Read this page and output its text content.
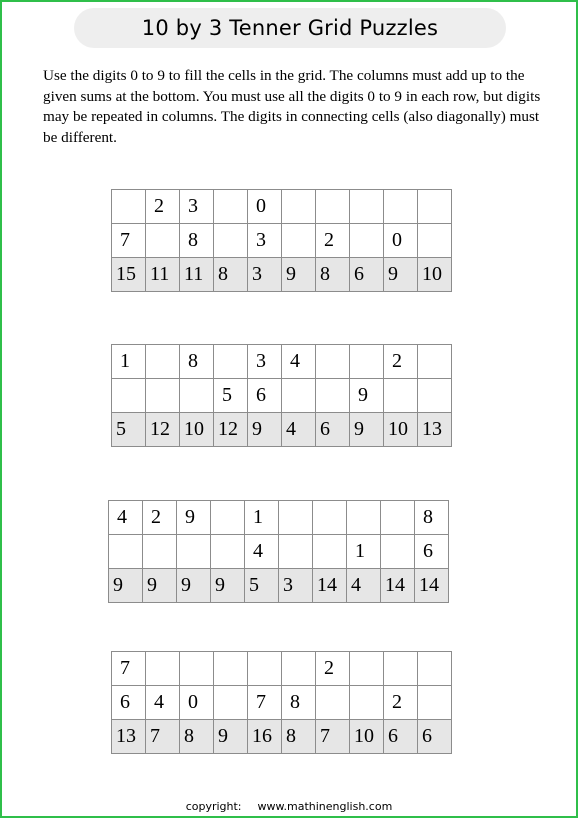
10 by 3 Tenner Grid Puzzles
Use the digits 0 to 9 to fill the cells in the grid. The columns must add up to the given sums at the bottom. You must use all the digits 0 to 9 in each row, but digits may be repeated in columns. The digits in connecting cells (also diagonally) must be different.
	2	3		0					
7		8		3		2		0	
15	11	11	8	3	9	8	6	9	10
1		8		3	4			2	
			5	6			9		
5	12	10	12	9	4	6	9	10	13
4	2	9		1					8
				4			1		6
9	9	9	9	5	3	14	4	14	14
7						2			
6	4	0		7	8			2	
13	7	8	9	16	8	7	10	6	6
copyright: www.mathinenglish.com
